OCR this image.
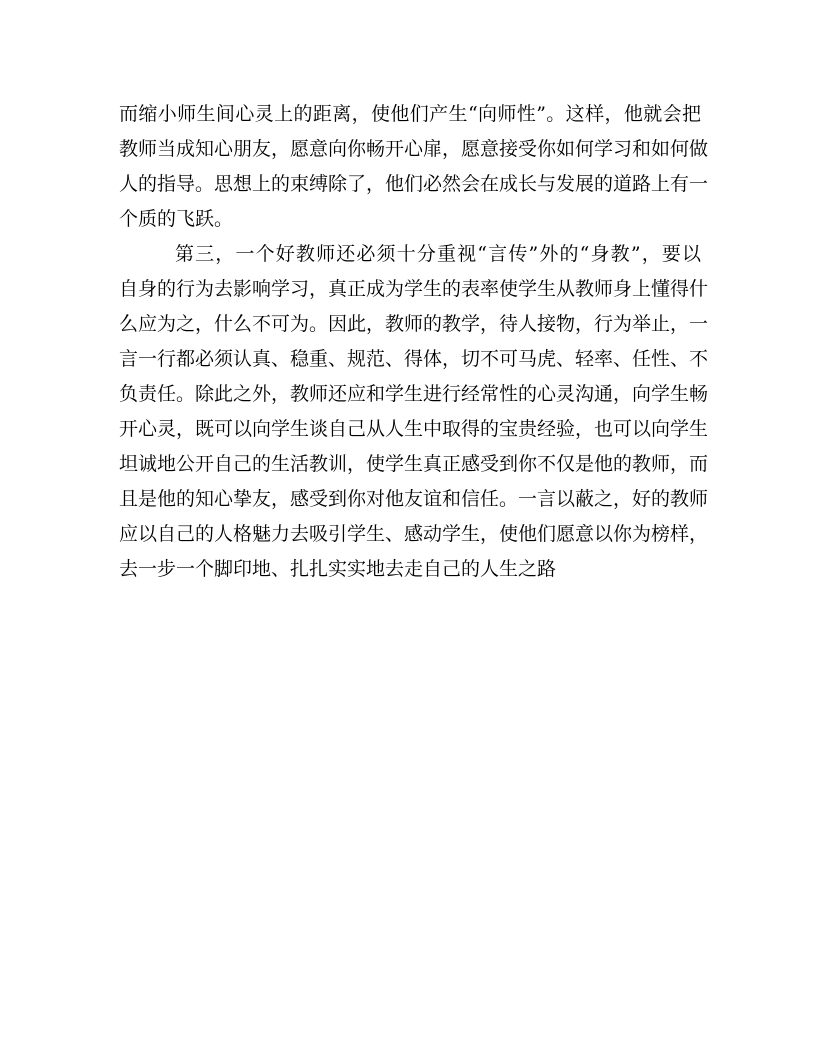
而缩小师生间心灵上的距离，使他们产生“向师性”。这样，他就会把
教师当成知心朋友，愿意向你畅开心扉，愿意接受你如何学习和如何做
人的指导。思想上的束缚除了，他们必然会在成长与发展的道路上有一
个质的飞跃。
第三，一个好教师还必须十分重视“言传”外的“身教”，要以
自身的行为去影响学习，真正成为学生的表率使学生从教师身上懂得什
么应为之，什么不可为。因此，教师的教学，待人接物，行为举止，一
言一行都必须认真、稳重、规范、得体，切不可马虎、轻率、任性、不
负责任。除此之外，教师还应和学生进行经常性的心灵沟通，向学生畅
开心灵，既可以向学生谈自己从人生中取得的宝贵经验，也可以向学生
坦诚地公开自己的生活教训，使学生真正感受到你不仅是他的教师，而
且是他的知心挚友，感受到你对他友谊和信任。一言以蔽之，好的教师
应以自己的人格魅力去吸引学生、感动学生，使他们愿意以你为榜样，
去一步一个脚印地、扎扎实实地去走自己的人生之路
